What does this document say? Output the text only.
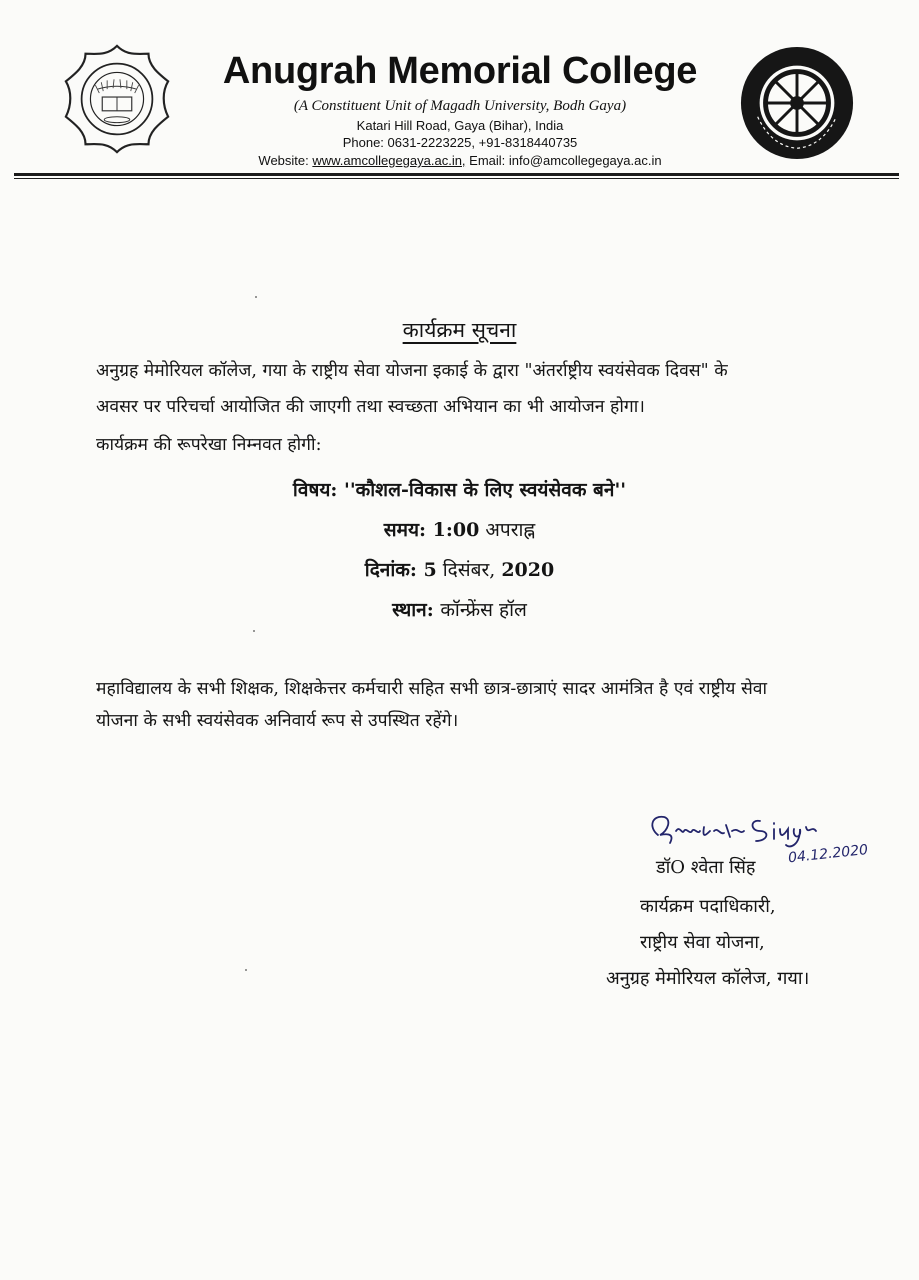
Anugrah Memorial College
(A Constituent Unit of Magadh University, Bodh Gaya)
Katari Hill Road, Gaya (Bihar), India
Phone: 0631-2223225, +91-8318440735
Website: www.amcollegegaya.ac.in, Email: info@amcollegegaya.ac.in
कार्यक्रम सूचना
अनुग्रह मेमोरियल कॉलेज, गया के राष्ट्रीय सेवा योजना इकाई के द्वारा "अंतर्राष्ट्रीय स्वयंसेवक दिवस" के
अवसर पर परिचर्चा आयोजित की जाएगी तथा स्वच्छता अभियान का भी आयोजन होगा।
कार्यक्रम की रूपरेखा निम्नवत होगी:
विषय: ''कौशल-विकास के लिए स्वयंसेवक बने''
समय: 1:00 अपराह्न
दिनांक: 5 दिसंबर, 2020
स्थान: कॉन्फ्रेंस हॉल
महाविद्यालय के सभी शिक्षक, शिक्षकेत्तर कर्मचारी सहित सभी छात्र-छात्राएं सादर आमंत्रित है एवं राष्ट्रीय सेवा
योजना के सभी स्वयंसेवक अनिवार्य रूप से उपस्थित रहेंगे।
04.12.2020
डॉO श्वेता सिंह
कार्यक्रम पदाधिकारी,
राष्ट्रीय सेवा योजना,
अनुग्रह मेमोरियल कॉलेज, गया।
